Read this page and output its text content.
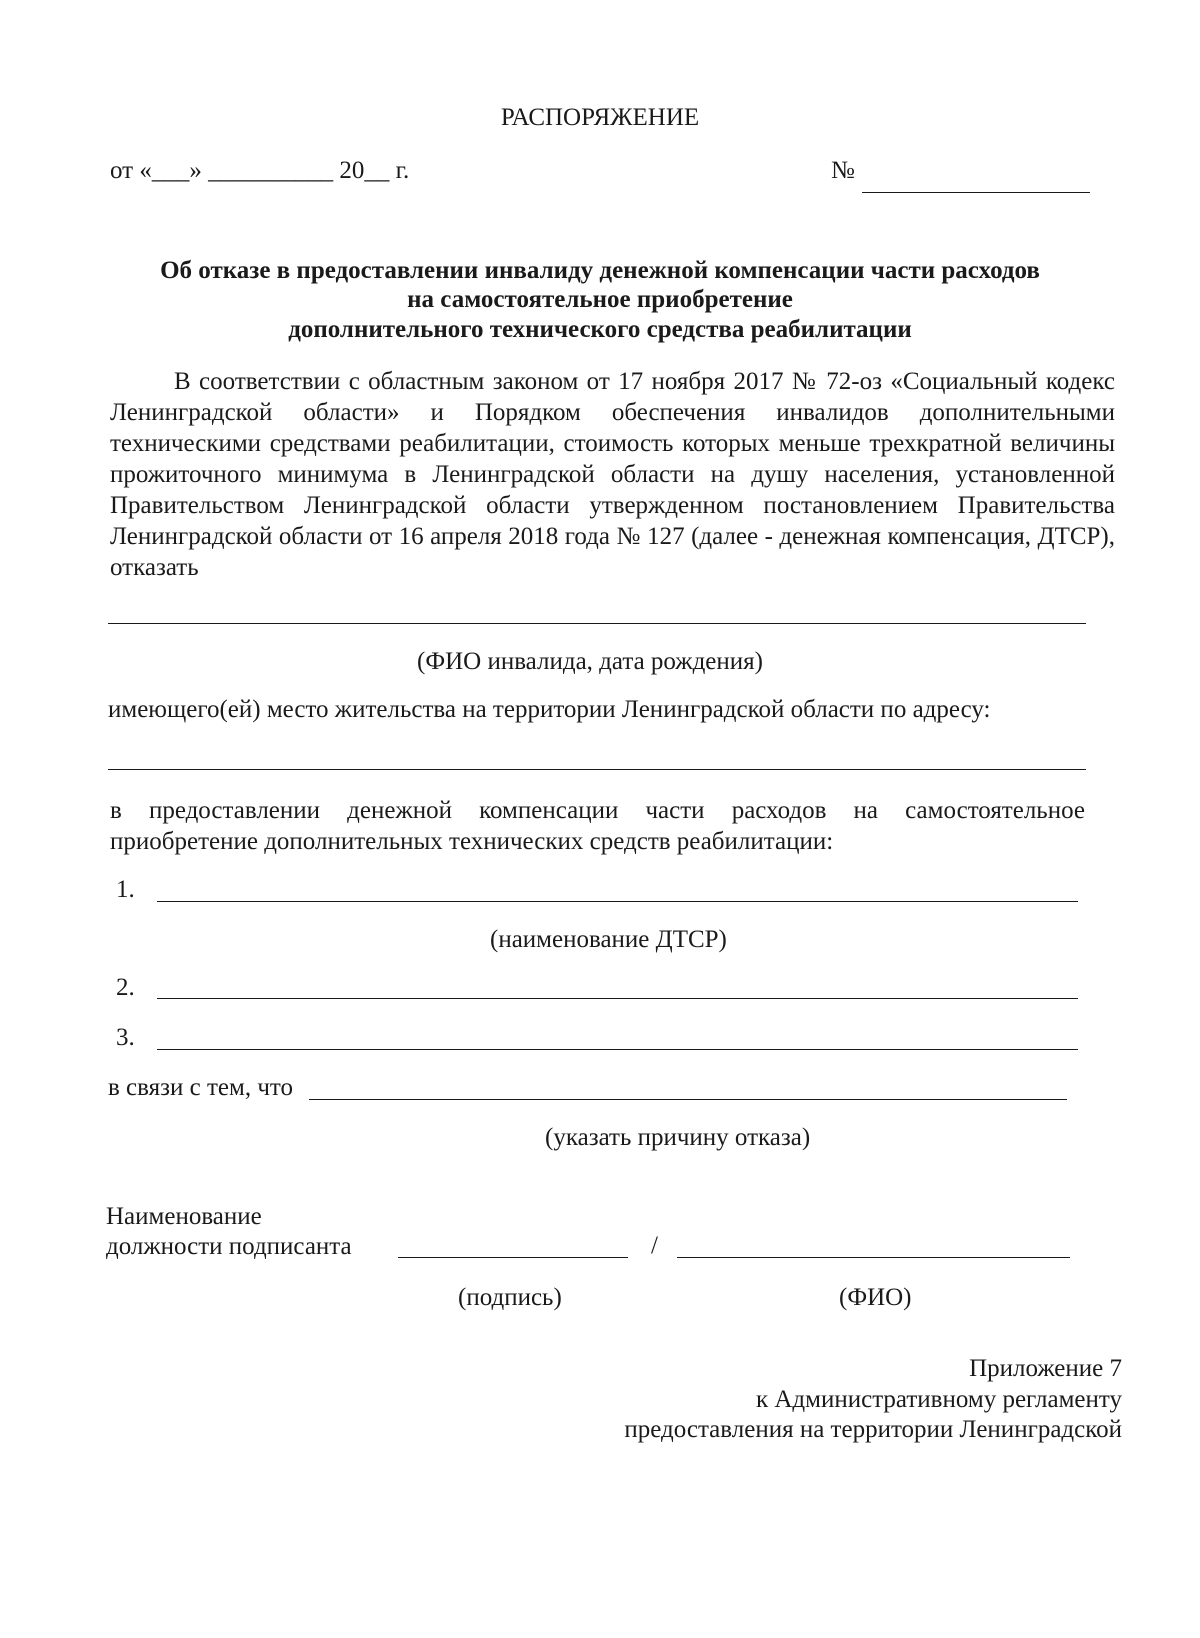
РАСПОРЯЖЕНИЕ
от «___» __________ 20__ г.	№
Об отказе в предоставлении инвалиду денежной компенсации части расходов
на самостоятельное приобретение
дополнительного технического средства реабилитации
В соответствии с областным законом от 17 ноября 2017 № 72-оз «Социальный кодекс Ленинградской области» и Порядком обеспечения инвалидов дополнительными техническими средствами реабилитации, стоимость которых меньше трехкратной величины прожиточного минимума в Ленинградской области на душу населения, установленной Правительством Ленинградской области утвержденном постановлением Правительства Ленинградской области от 16 апреля 2018 года № 127 (далее - денежная компенсация, ДТСР), отказать
(ФИО инвалида, дата рождения)
имеющего(ей) место жительства на территории Ленинградской области по адресу:
в предоставлении денежной компенсации части расходов на самостоятельное приобретение дополнительных технических средств реабилитации:
1.
(наименование ДТСР)
2.
3.
в связи с тем, что
(указать причину отказа)
Наименование
должности подписанта	/
(подпись)	(ФИО)
Приложение 7
к Административному регламенту
предоставления на территории Ленинградской
